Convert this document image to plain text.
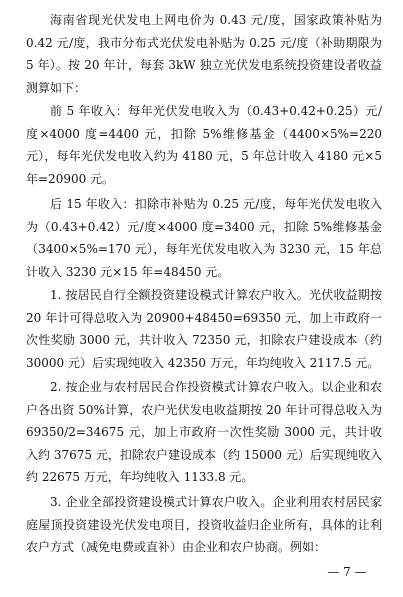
海南省现光伏发电上网电价为 0.43 元/度，国家政策补贴为 0.42 元/度，我市分布式光伏发电补贴为 0.25 元/度（补助期限为 5 年）。按 20 年计，每套 3kW 独立光伏发电系统投资建设者收益测算如下：

前 5 年收入：每年光伏发电收入为（0.43+0.42+0.25）元/度×4000 度=4400 元，扣除 5%维修基金（4400×5%=220 元），每年光伏发电收入约为 4180 元，5 年总计收入 4180 元×5 年=20900 元。

后 15 年收入：扣除市补贴为 0.25 元/度，每年光伏发电收入为（0.43+0.42）元/度×4000 度=3400 元，扣除 5%维修基金（3400×5%=170 元），每年光伏发电收入为 3230 元，15 年总计收入 3230 元×15 年=48450 元。

1. 按居民自行全额投资建设模式计算农户收入。光伏收益期按 20 年计可得总收入为 20900+48450=69350 元，加上市政府一次性奖励 3000 元，共计收入 72350 元，扣除农户建设成本（约 30000 元）后实现纯收入 42350 万元，年均纯收入 2117.5 元。

2. 按企业与农村居民合作投资模式计算农户收入。以企业和农户各出资 50%计算，农户光伏发电收益期按 20 年计可得总收入为 69350/2=34675 元，加上市政府一次性奖励 3000 元，共计收入约 37675 元，扣除农户建设成本（约 15000 元）后实现纯收入约 22675 万元，年均纯收入 1133.8 元。

3. 企业全部投资建设模式计算农户收入。企业利用农村居民家庭屋顶投资建设光伏发电项目，投资收益归企业所有，具体的让利农户方式（减免电费或直补）由企业和农户协商。例如：

— 7 —
